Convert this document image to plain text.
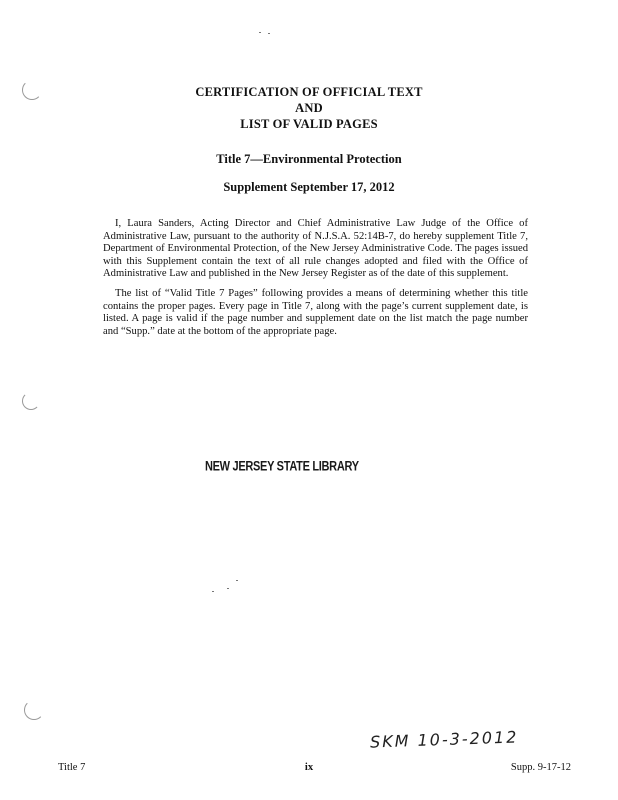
CERTIFICATION OF OFFICIAL TEXT
AND
LIST OF VALID PAGES
Title 7—Environmental Protection
Supplement September 17, 2012
I, Laura Sanders, Acting Director and Chief Administrative Law Judge of the Office of Administrative Law, pursuant to the authority of N.J.S.A. 52:14B-7, do hereby supplement Title 7, Department of Environmental Protection, of the New Jersey Administrative Code. The pages issued with this Supplement contain the text of all rule changes adopted and filed with the Office of Administrative Law and published in the New Jersey Register as of the date of this supplement.
The list of “Valid Title 7 Pages” following provides a means of determining whether this title contains the proper pages. Every page in Title 7, along with the page’s current supplement date, is listed. A page is valid if the page number and supplement date on the list match the page number and “Supp.” date at the bottom of the appropriate page.
NEW JERSEY STATE LIBRARY
SKM 10-3-2012
Title 7	ix	Supp. 9-17-12
